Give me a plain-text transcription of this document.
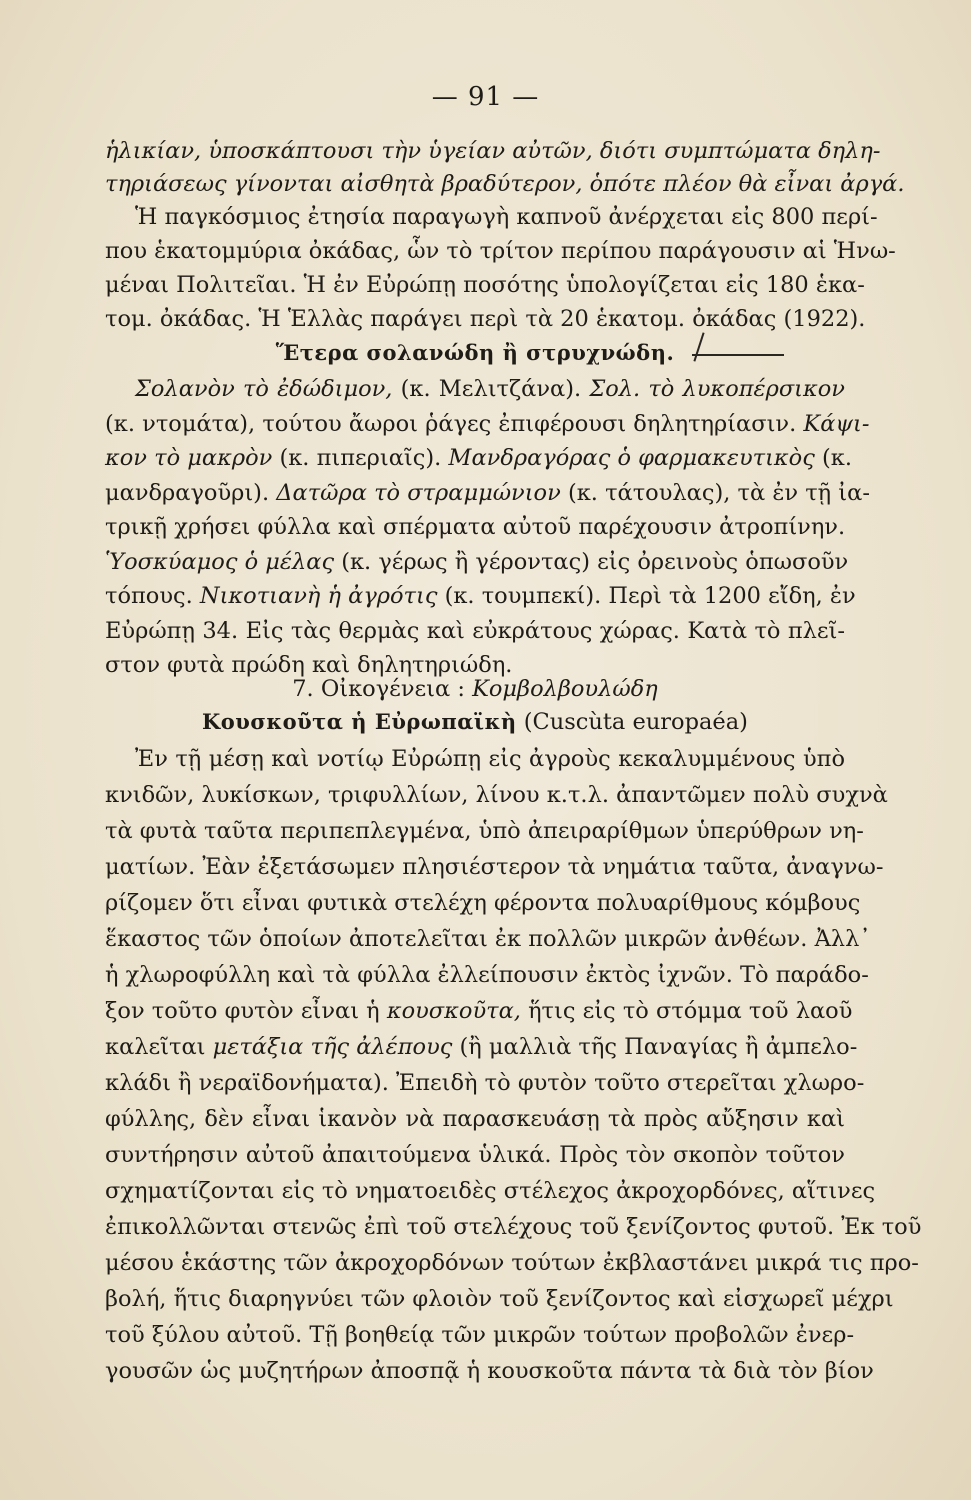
— 91 —
ἡλικίαν, ὑποσκάπτουσι τὴν ὑγείαν αὐτῶν, διότι συμπτώματα δηλη-
τηριάσεως γίνονται αἰσθητὰ βραδύτερον, ὁπότε πλέον θὰ εἶναι ἀργά.
Ἡ παγκόσμιος ἐτησία παραγωγὴ καπνοῦ ἀνέρχεται εἰς 800 περί-
που ἑκατομμύρια ὀκάδας, ὧν τὸ τρίτον περίπου παράγουσιν αἱ Ἡνω-
μέναι Πολιτεῖαι. Ἡ ἐν Εὐρώπῃ ποσότης ὑπολογίζεται εἰς 180 ἑκα-
τομ. ὀκάδας. Ἡ Ἑλλὰς παράγει περὶ τὰ 20 ἑκατομ. ὀκάδας (1922).
Ἕτερα σολανώδη ἢ στρυχνώδη.
Σολανὸν τὸ ἐδώδιμον, (κ. Μελιτζάνα). Σολ. τὸ λυκοπέρσικον
(κ. ντομάτα), τούτου ἄωροι ῥάγες ἐπιφέρουσι δηλητηρίασιν. Κάψι-
κον τὸ μακρὸν (κ. πιπεριαῖς). Μανδραγόρας ὁ φαρμακευτικὸς (κ.
μανδραγοῦρι). Δατῶρα τὸ στραμμώνιον (κ. τάτουλας), τὰ ἐν τῇ ἰα-
τρικῇ χρήσει φύλλα καὶ σπέρματα αὐτοῦ παρέχουσιν ἀτροπίνην.
Ὑοσκύαμος ὁ μέλας (κ. γέρως ἢ γέροντας) εἰς ὀρεινοὺς ὁπωσοῦν
τόπους. Νικοτιανὴ ἡ ἀγρότις (κ. τουμπεκί). Περὶ τὰ 1200 εἴδη, ἐν
Εὐρώπῃ 34. Εἰς τὰς θερμὰς καὶ εὐκράτους χώρας. Κατὰ τὸ πλεῖ-
στον φυτὰ πρώδη καὶ δηλητηριώδη.
7. Οἰκογένεια : Κομβολβουλώδη
Κουσκοῦτα ἡ Εὐρωπαϊκὴ (Cuscùta europaéa)
Ἐν τῇ μέσῃ καὶ νοτίῳ Εὐρώπῃ εἰς ἀγροὺς κεκαλυμμένους ὑπὸ
κνιδῶν, λυκίσκων, τριφυλλίων, λίνου κ.τ.λ. ἀπαντῶμεν πολὺ συχνὰ
τὰ φυτὰ ταῦτα περιπεπλεγμένα, ὑπὸ ἀπειραρίθμων ὑπερύθρων νη-
ματίων. Ἐὰν ἐξετάσωμεν πλησιέστερον τὰ νημάτια ταῦτα, ἀναγνω-
ρίζομεν ὅτι εἶναι φυτικὰ στελέχη φέροντα πολυαρίθμους κόμβους
ἕκαστος τῶν ὁποίων ἀποτελεῖται ἐκ πολλῶν μικρῶν ἀνθέων. Ἀλλ᾽
ἡ χλωροφύλλη καὶ τὰ φύλλα ἐλλείπουσιν ἐκτὸς ἰχνῶν. Τὸ παράδο-
ξον τοῦτο φυτὸν εἶναι ἡ κουσκοῦτα, ἥτις εἰς τὸ στόμμα τοῦ λαοῦ
καλεῖται μετάξια τῆς ἀλέπους (ἢ μαλλιὰ τῆς Παναγίας ἢ ἀμπελο-
κλάδι ἢ νεραϊδονήματα). Ἐπειδὴ τὸ φυτὸν τοῦτο στερεῖται χλωρο-
φύλλης, δὲν εἶναι ἱκανὸν νὰ παρασκευάσῃ τὰ πρὸς αὔξησιν καὶ
συντήρησιν αὐτοῦ ἀπαιτούμενα ὑλικά. Πρὸς τὸν σκοπὸν τοῦτον
σχηματίζονται εἰς τὸ νηματοειδὲς στέλεχος ἀκροχορδόνες, αἵτινες
ἐπικολλῶνται στενῶς ἐπὶ τοῦ στελέχους τοῦ ξενίζοντος φυτοῦ. Ἐκ τοῦ
μέσου ἑκάστης τῶν ἀκροχορδόνων τούτων ἐκβλαστάνει μικρά τις προ-
βολή, ἥτις διαρηγνύει τῶν φλοιὸν τοῦ ξενίζοντος καὶ εἰσχωρεῖ μέχρι
τοῦ ξύλου αὐτοῦ. Τῇ βοηθείᾳ τῶν μικρῶν τούτων προβολῶν ἐνερ-
γουσῶν ὡς μυζητήρων ἀποσπᾷ ἡ κουσκοῦτα πάντα τὰ διὰ τὸν βίον
